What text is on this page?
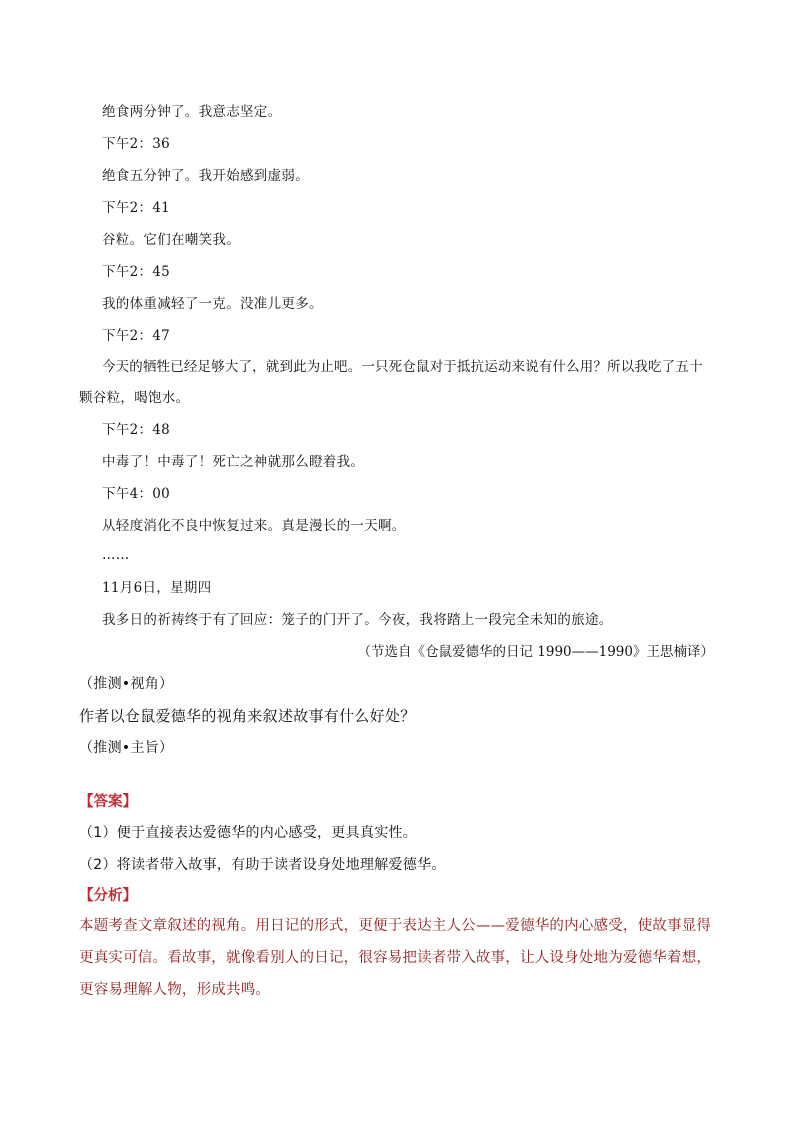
绝食两分钟了。我意志坚定。
下午2：36
绝食五分钟了。我开始感到虚弱。
下午2：41
谷粒。它们在嘲笑我。
下午2：45
我的体重减轻了一克。没准儿更多。
下午2：47
今天的牺牲已经足够大了，就到此为止吧。一只死仓鼠对于抵抗运动来说有什么用？所以我吃了五十
颗谷粒，喝饱水。
下午2：48
中毒了！中毒了！死亡之神就那么瞪着我。
下午4：00
从轻度消化不良中恢复过来。真是漫长的一天啊。
……
11月6日，星期四
我多日的祈祷终于有了回应：笼子的门开了。今夜，我将踏上一段完全未知的旅途。
（节选自《仓鼠爱德华的日记 1990——1990》王思楠译）
（推测•视角）
作者以仓鼠爱德华的视角来叙述故事有什么好处？
（推测•主旨）
【答案】
（1）便于直接表达爱德华的内心感受，更具真实性。
（2）将读者带入故事，有助于读者设身处地理解爱德华。
【分析】
本题考查文章叙述的视角。用日记的形式，更便于表达主人公——爱德华的内心感受，使故事显得更真实可信。看故事，就像看别人的日记，很容易把读者带入故事，让人设身处地为爱德华着想，更容易理解人物，形成共鸣。
